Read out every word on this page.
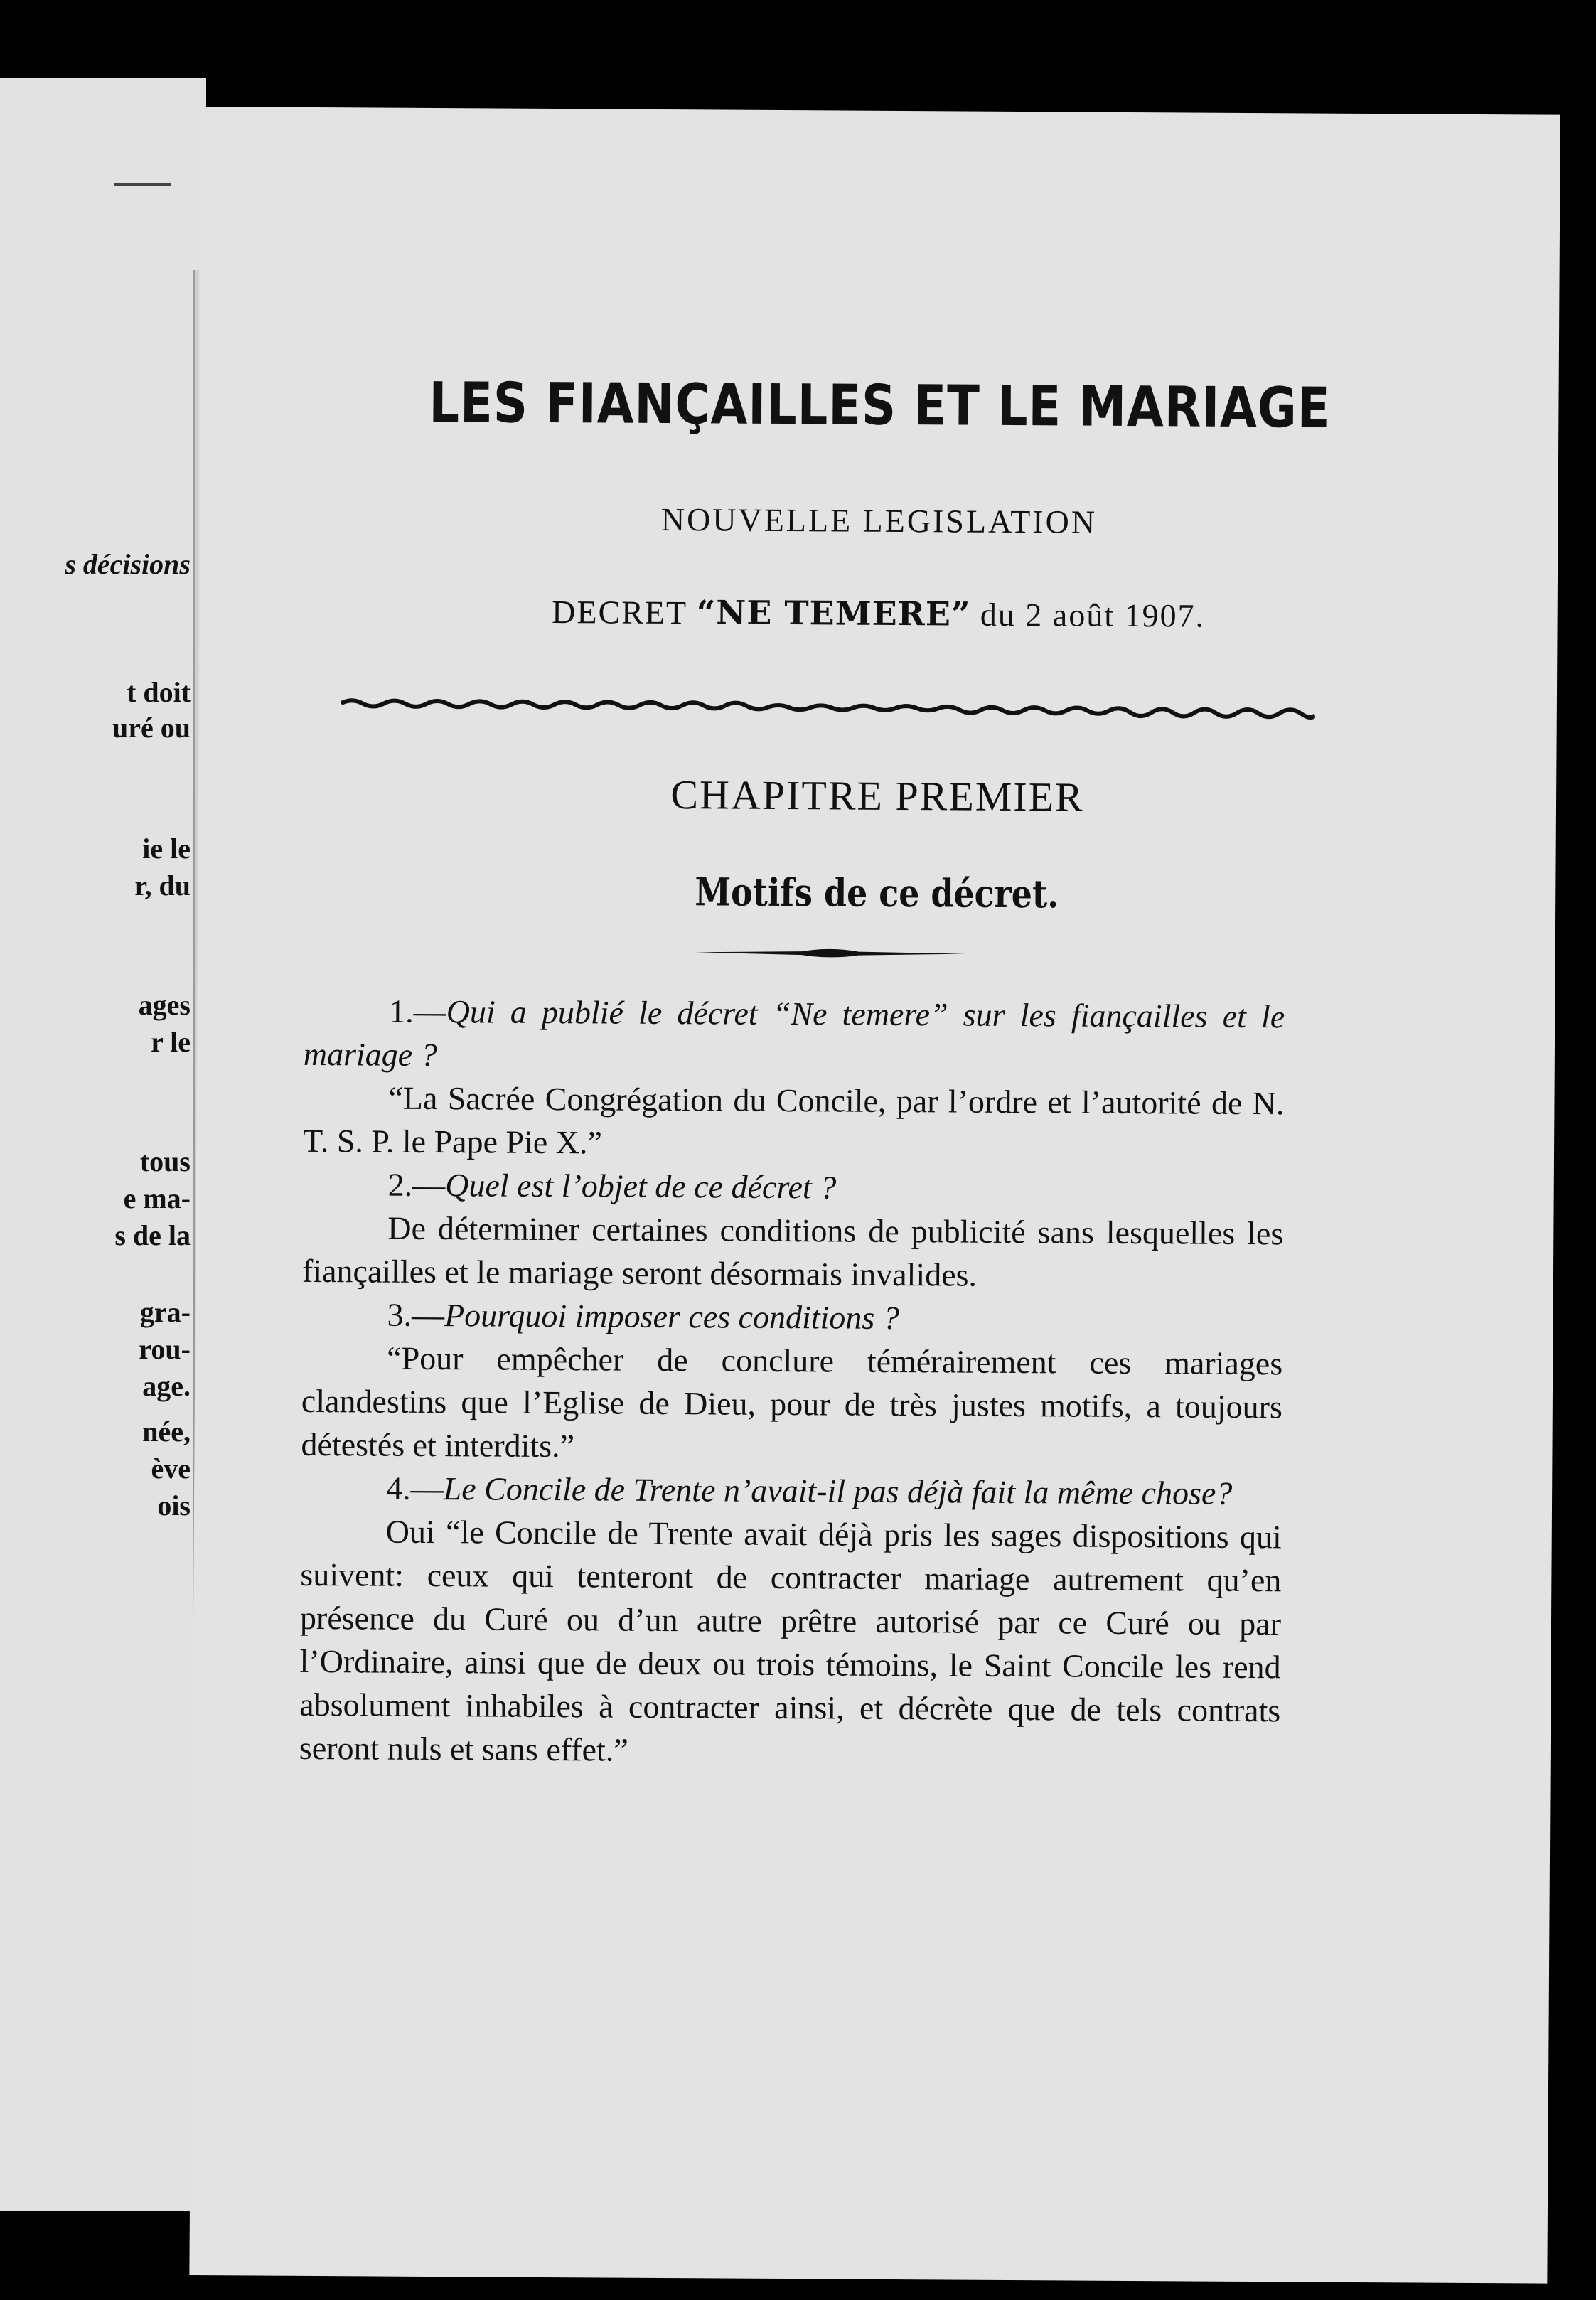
s décisions
t doit
uré ou
ie le
r, du
ages
r le
tous
e ma-
s de la
gra-
rou-
age.
née,
ève
ois
LES FIANÇAILLES ET LE MARIAGE
NOUVELLE LEGISLATION
DECRET “NE TEMERE” du 2 août 1907.
CHAPITRE PREMIER
Motifs de ce décret.

1.—Qui a publié le décret “Ne temere” sur les fiançailles et le mariage ?

“La Sacrée Congrégation du Concile, par l’ordre et l’autorité de N. T. S. P. le Pape Pie X.”

2.—Quel est l’objet de ce décret ?

De déterminer certaines conditions de publicité sans lesquelles les fiançailles et le mariage seront désormais invalides.

3.—Pourquoi imposer ces conditions ?

“Pour empêcher de conclure témérairement ces mariages clandestins que l’Eglise de Dieu, pour de très justes motifs, a toujours détestés et interdits.”

4.—Le Concile de Trente n’avait-il pas déjà fait la même chose?

Oui “le Concile de Trente avait déjà pris les sages dispositions qui suivent: ceux qui tenteront de contracter mariage autrement qu’en présence du Curé ou d’un autre prêtre autorisé par ce Curé ou par l’Ordinaire, ainsi que de deux ou trois témoins, le Saint Concile les rend absolument inhabiles à contracter ainsi, et décrète que de tels contrats seront nuls et sans effet.”
